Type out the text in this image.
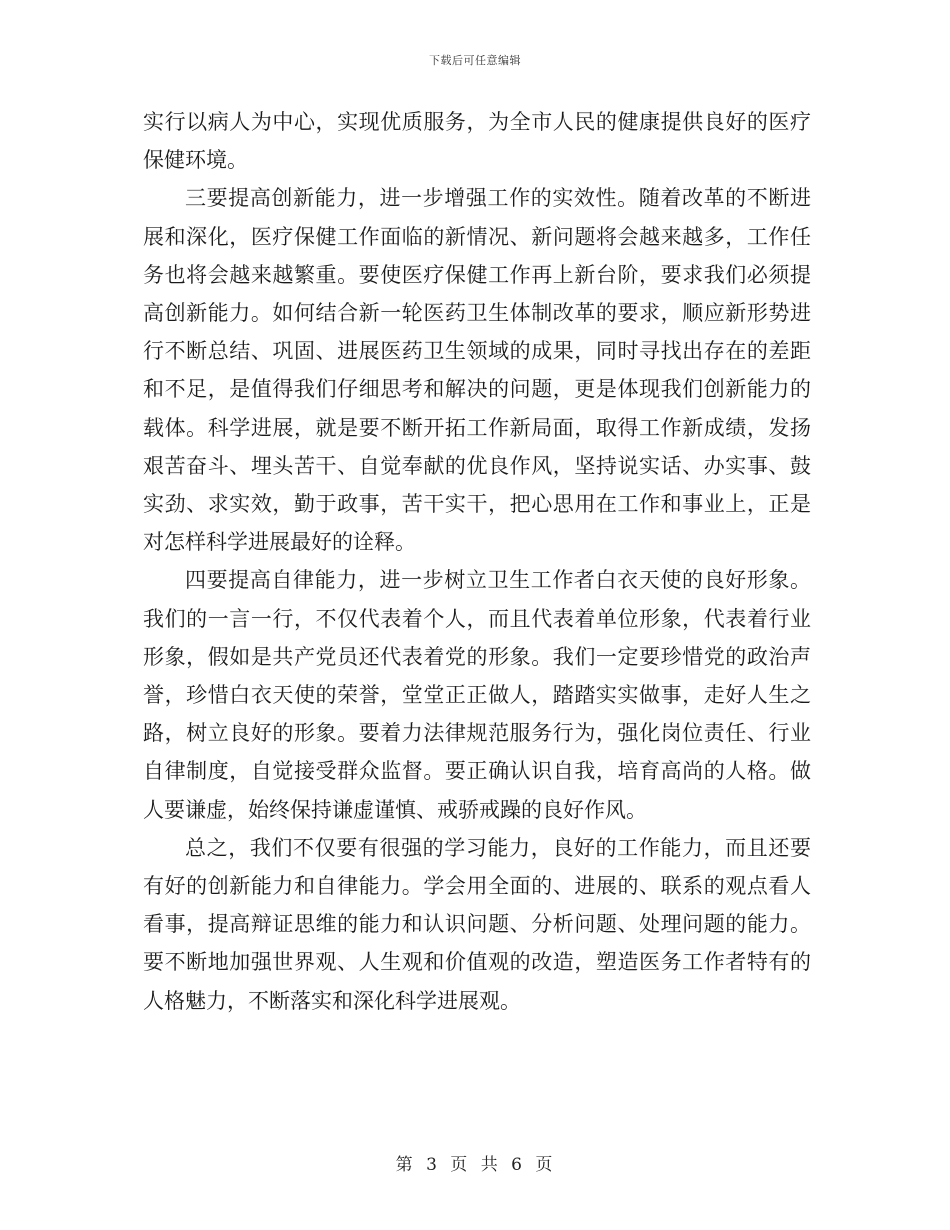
下载后可任意编辑

实行以病人为中心，实现优质服务，为全市人民的健康提供良好的医疗保健环境。

三要提高创新能力，进一步增强工作的实效性。随着改革的不断进展和深化，医疗保健工作面临的新情况、新问题将会越来越多，工作任务也将会越来越繁重。要使医疗保健工作再上新台阶，要求我们必须提高创新能力。如何结合新一轮医药卫生体制改革的要求，顺应新形势进行不断总结、巩固、进展医药卫生领域的成果，同时寻找出存在的差距和不足，是值得我们仔细思考和解决的问题，更是体现我们创新能力的载体。科学进展，就是要不断开拓工作新局面，取得工作新成绩，发扬艰苦奋斗、埋头苦干、自觉奉献的优良作风，坚持说实话、办实事、鼓实劲、求实效，勤于政事，苦干实干，把心思用在工作和事业上，正是对怎样科学进展最好的诠释。

四要提高自律能力，进一步树立卫生工作者白衣天使的良好形象。我们的一言一行，不仅代表着个人，而且代表着单位形象，代表着行业形象，假如是共产党员还代表着党的形象。我们一定要珍惜党的政治声誉，珍惜白衣天使的荣誉，堂堂正正做人，踏踏实实做事，走好人生之路，树立良好的形象。要着力法律规范服务行为，强化岗位责任、行业自律制度，自觉接受群众监督。要正确认识自我，培育高尚的人格。做人要谦虚，始终保持谦虚谨慎、戒骄戒躁的良好作风。

总之，我们不仅要有很强的学习能力，良好的工作能力，而且还要有好的创新能力和自律能力。学会用全面的、进展的、联系的观点看人看事，提高辩证思维的能力和认识问题、分析问题、处理问题的能力。要不断地加强世界观、人生观和价值观的改造，塑造医务工作者特有的人格魅力，不断落实和深化科学进展观。

第 3 页 共 6 页
